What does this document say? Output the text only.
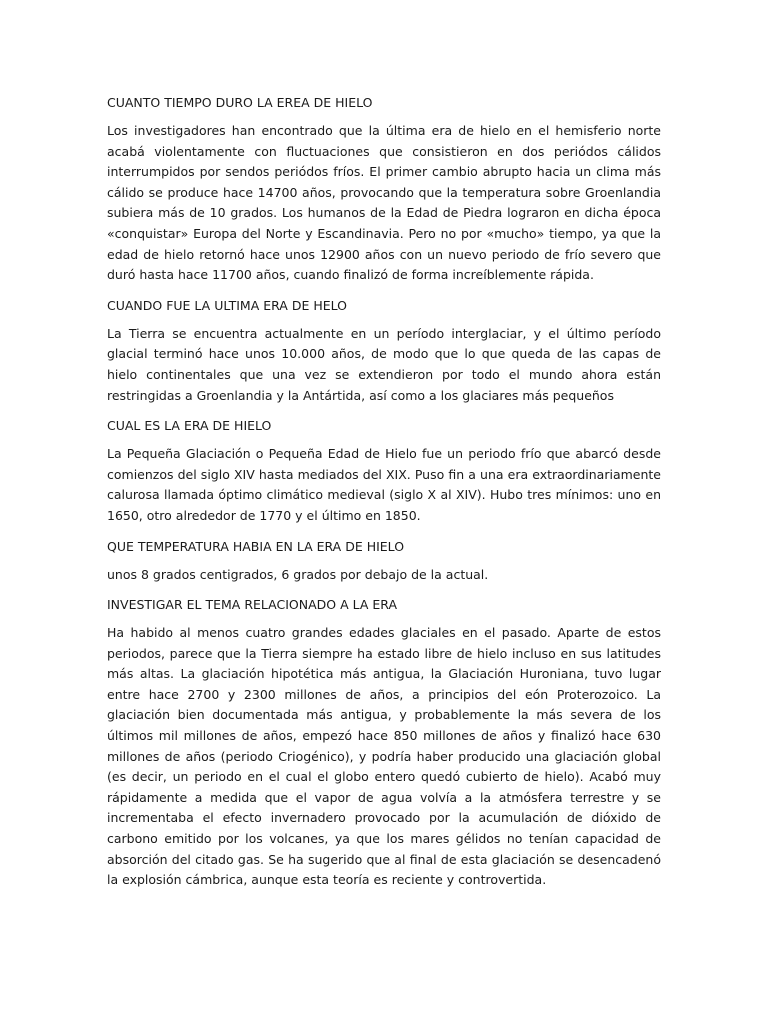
CUANTO TIEMPO DURO LA EREA DE HIELO

Los investigadores han encontrado que la última era de hielo en el hemisferio norte acabá violentamente con fluctuaciones que consistieron en dos periódos cálidos interrumpidos por sendos periódos fríos. El primer cambio abrupto hacia un clima más cálido se produce hace 14700 años, provocando que la temperatura sobre Groenlandia subiera más de 10 grados. Los humanos de la Edad de Piedra lograron en dicha época «conquistar» Europa del Norte y Escandinavia. Pero no por «mucho» tiempo, ya que la edad de hielo retornó hace unos 12900 años con un nuevo periodo de frío severo que duró hasta hace 11700 años, cuando finalizó de forma increíblemente rápida.

CUANDO FUE LA ULTIMA ERA DE HELO

La Tierra se encuentra actualmente en un período interglaciar, y el último período glacial terminó hace unos 10.000 años, de modo que lo que queda de las capas de hielo continentales que una vez se extendieron por todo el mundo ahora están restringidas a Groenlandia y la Antártida, así como a los glaciares más pequeños

CUAL ES LA ERA DE HIELO

La Pequeña Glaciación o Pequeña Edad de Hielo fue un periodo frío que abarcó desde comienzos del siglo XIV hasta mediados del XIX. Puso fin a una era extraordinariamente calurosa llamada óptimo climático medieval (siglo X al XIV). Hubo tres mínimos: uno en 1650, otro alrededor de 1770 y el último en 1850.

QUE TEMPERATURA HABIA EN LA ERA DE HIELO

unos 8 grados centigrados, 6 grados por debajo de la actual.

INVESTIGAR EL TEMA RELACIONADO A LA ERA

Ha habido al menos cuatro grandes edades glaciales en el pasado. Aparte de estos periodos, parece que la Tierra siempre ha estado libre de hielo incluso en sus latitudes más altas. La glaciación hipotética más antigua, la Glaciación Huroniana, tuvo lugar entre hace 2700 y 2300 millones de años, a principios del eón Proterozoico. La glaciación bien documentada más antigua, y probablemente la más severa de los últimos mil millones de años, empezó hace 850 millones de años y finalizó hace 630 millones de años (periodo Criogénico), y podría haber producido una glaciación global (es decir, un periodo en el cual el globo entero quedó cubierto de hielo). Acabó muy rápidamente a medida que el vapor de agua volvía a la atmósfera terrestre y se incrementaba el efecto invernadero provocado por la acumulación de dióxido de carbono emitido por los volcanes, ya que los mares gélidos no tenían capacidad de absorción del citado gas. Se ha sugerido que al final de esta glaciación se desencadenó la explosión cámbrica, aunque esta teoría es reciente y controvertida.
